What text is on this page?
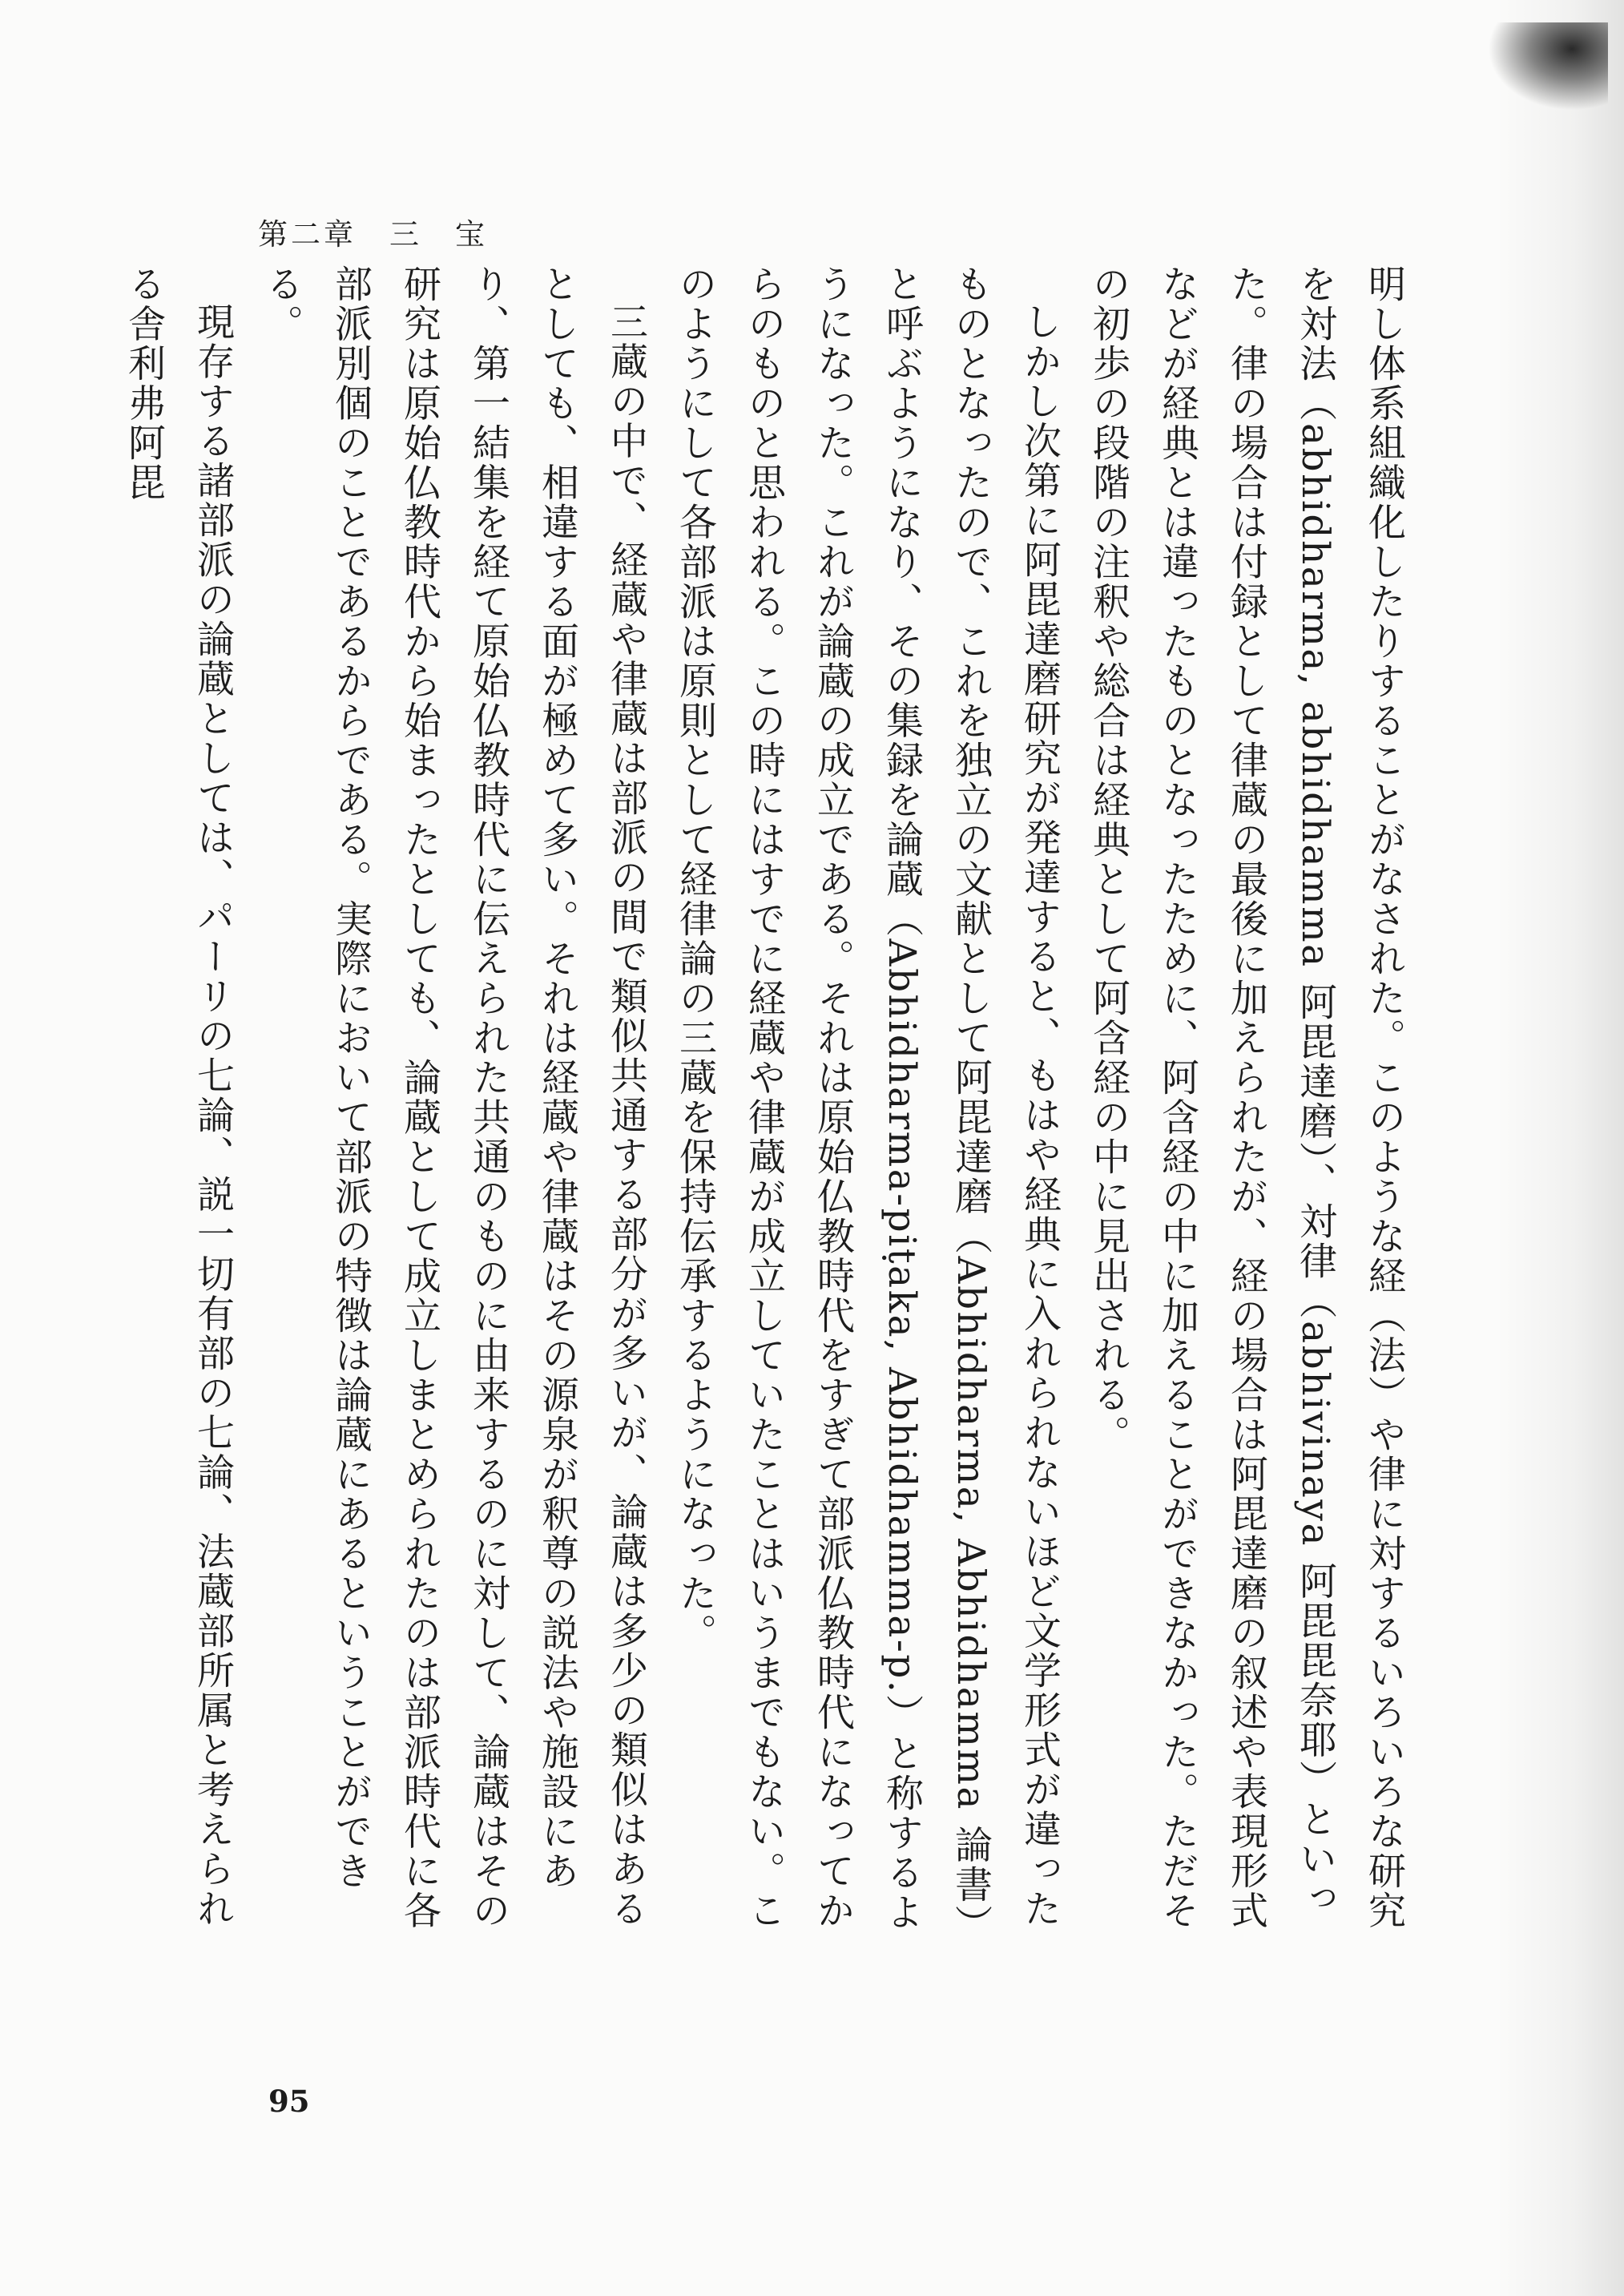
第二章　三　宝

明し体系組織化したりすることがなされた。このような経（法）や律に対するいろいろな研究を対法（abhidharma, abhidhamma 阿毘達磨）、対律（abhivinaya 阿毘毘奈耶）といった。律の場合は付録として律蔵の最後に加えられたが、経の場合は阿毘達磨の叙述や表現形式などが経典とは違ったものとなったために、阿含経の中に加えることができなかった。ただその初歩の段階の注釈や総合は経典として阿含経の中に見出される。

しかし次第に阿毘達磨研究が発達すると、もはや経典に入れられないほど文学形式が違ったものとなったので、これを独立の文献として阿毘達磨（Abhidharma, Abhidhamma 論書）と呼ぶようになり、その集録を論蔵（Abhidharma-piṭaka, Abhidhamma-p.）と称するようになった。これが論蔵の成立である。それは原始仏教時代をすぎて部派仏教時代になってからのものと思われる。この時にはすでに経蔵や律蔵が成立していたことはいうまでもない。このようにして各部派は原則として経律論の三蔵を保持伝承するようになった。

三蔵の中で、経蔵や律蔵は部派の間で類似共通する部分が多いが、論蔵は多少の類似はあるとしても、相違する面が極めて多い。それは経蔵や律蔵はその源泉が釈尊の説法や施設にあり、第一結集を経て原始仏教時代に伝えられた共通のものに由来するのに対して、論蔵はその研究は原始仏教時代から始まったとしても、論蔵として成立しまとめられたのは部派時代に各部派別個のことであるからである。実際において部派の特徴は論蔵にあるということができる。

現存する諸部派の論蔵としては、パーリの七論、説一切有部の七論、法蔵部所属と考えられる舎利弗阿毘

95
